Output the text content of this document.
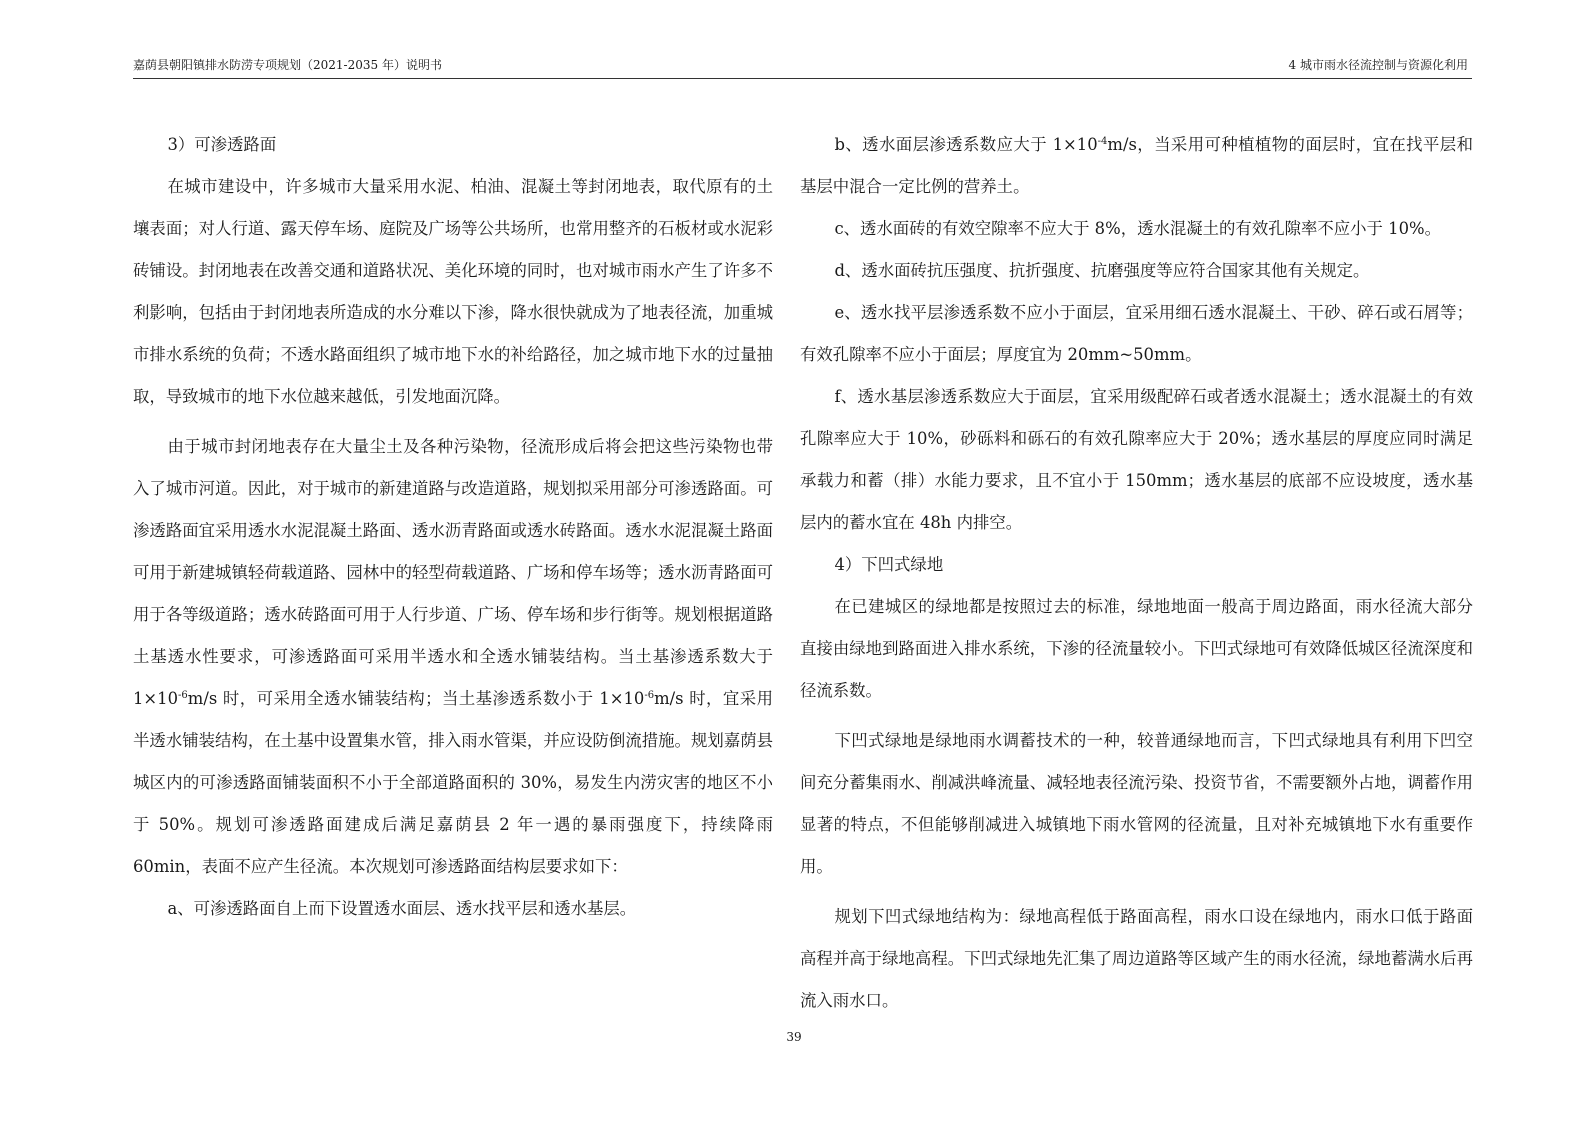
嘉荫县朝阳镇排水防涝专项规划（2021-2035 年）说明书	4 城市雨水径流控制与资源化利用

3）可渗透路面

在城市建设中，许多城市大量采用水泥、柏油、混凝土等封闭地表，取代原有的土壤表面；对人行道、露天停车场、庭院及广场等公共场所，也常用整齐的石板材或水泥彩砖铺设。封闭地表在改善交通和道路状况、美化环境的同时，也对城市雨水产生了许多不利影响，包括由于封闭地表所造成的水分难以下渗，降水很快就成为了地表径流，加重城市排水系统的负荷；不透水路面组织了城市地下水的补给路径，加之城市地下水的过量抽取，导致城市的地下水位越来越低，引发地面沉降。

由于城市封闭地表存在大量尘土及各种污染物，径流形成后将会把这些污染物也带入了城市河道。因此，对于城市的新建道路与改造道路，规划拟采用部分可渗透路面。可渗透路面宜采用透水水泥混凝土路面、透水沥青路面或透水砖路面。透水水泥混凝土路面可用于新建城镇轻荷载道路、园林中的轻型荷载道路、广场和停车场等；透水沥青路面可用于各等级道路；透水砖路面可用于人行步道、广场、停车场和步行街等。规划根据道路土基透水性要求，可渗透路面可采用半透水和全透水铺装结构。当土基渗透系数大于 $1\times 10^{-6}m/s$ 时，可采用全透水铺装结构；当土基渗透系数小于 $1\times 10^{-6}m/s$ 时，宜采用半透水铺装结构，在土基中设置集水管，排入雨水管渠，并应设防倒流措施。规划嘉荫县城区内的可渗透路面铺装面积不小于全部道路面积的 30%，易发生内涝灾害的地区不小于 50%。规划可渗透路面建成后满足嘉荫县 2 年一遇的暴雨强度下，持续降雨 60min，表面不应产生径流。本次规划可渗透路面结构层要求如下：

a、可渗透路面自上而下设置透水面层、透水找平层和透水基层。

b、透水面层渗透系数应大于 $1\times 10^{-4}m/s$，当采用可种植植物的面层时，宜在找平层和基层中混合一定比例的营养土。

c、透水面砖的有效空隙率不应大于 8%，透水混凝土的有效孔隙率不应小于 10%。

d、透水面砖抗压强度、抗折强度、抗磨强度等应符合国家其他有关规定。

e、透水找平层渗透系数不应小于面层，宜采用细石透水混凝土、干砂、碎石或石屑等；有效孔隙率不应小于面层；厚度宜为 20mm~50mm。

f、透水基层渗透系数应大于面层，宜采用级配碎石或者透水混凝土；透水混凝土的有效孔隙率应大于 10%，砂砾料和砾石的有效孔隙率应大于 20%；透水基层的厚度应同时满足承载力和蓄（排）水能力要求，且不宜小于 150mm；透水基层的底部不应设坡度，透水基层内的蓄水宜在 48h 内排空。

4）下凹式绿地

在已建城区的绿地都是按照过去的标准，绿地地面一般高于周边路面，雨水径流大部分直接由绿地到路面进入排水系统，下渗的径流量较小。下凹式绿地可有效降低城区径流深度和径流系数。

下凹式绿地是绿地雨水调蓄技术的一种，较普通绿地而言，下凹式绿地具有利用下凹空间充分蓄集雨水、削减洪峰流量、减轻地表径流污染、投资节省，不需要额外占地，调蓄作用显著的特点，不但能够削减进入城镇地下雨水管网的径流量，且对补充城镇地下水有重要作用。

规划下凹式绿地结构为：绿地高程低于路面高程，雨水口设在绿地内，雨水口低于路面高程并高于绿地高程。下凹式绿地先汇集了周边道路等区域产生的雨水径流，绿地蓄满水后再流入雨水口。

39
